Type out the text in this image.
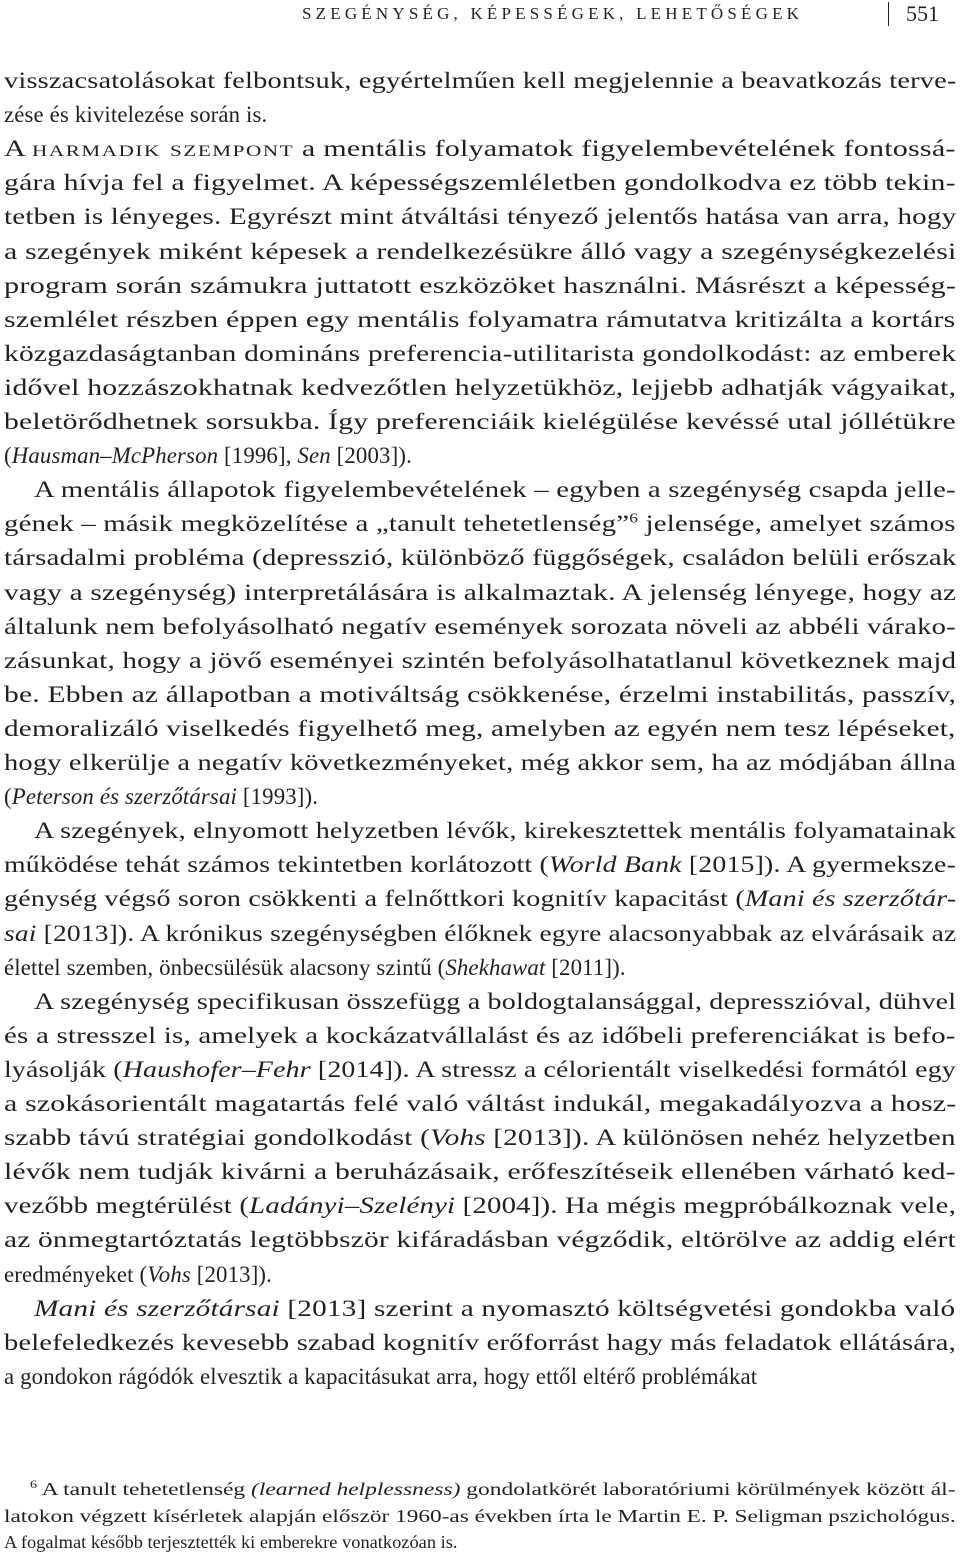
SZEGÉNYSÉG, KÉPESSÉGEK, LEHETŐSÉGEK	551
visszacsatolásokat felbontsuk, egyértelműen kell megjelennie a beavatkozás terve-
zése és kivitelezése során is.
A harmadik szempont a mentális folyamatok figyelembevételének fontossá-
gára hívja fel a figyelmet. A képességszemléletben gondolkodva ez több tekin-
tetben is lényeges. Egyrészt mint átváltási tényező jelentős hatása van arra, hogy
a szegények miként képesek a rendelkezésükre álló vagy a szegénységkezelési
program során számukra juttatott eszközöket használni. Másrészt a képesség-
szemlélet részben éppen egy mentális folyamatra rámutatva kritizálta a kortárs
közgazdaságtanban domináns preferencia-utilitarista gondolkodást: az emberek
idővel hozzászokhatnak kedvezőtlen helyzetükhöz, lejjebb adhatják vágyaikat,
beletörődhetnek sorsukba. Így preferenciáik kielégülése kevéssé utal jóllétükre
(Hausman–McPherson [1996], Sen [2003]).
A mentális állapotok figyelembevételének – egyben a szegénység csapda jelle-
gének – másik megközelítése a „tanult tehetetlenség”$^6$ jelensége, amelyet számos
társadalmi probléma (depresszió, különböző függőségek, családon belüli erőszak
vagy a szegénység) interpretálására is alkalmaztak. A jelenség lényege, hogy az
általunk nem befolyásolható negatív események sorozata növeli az abbéli várako-
zásunkat, hogy a jövő eseményei szintén befolyásolhatatlanul következnek majd
be. Ebben az állapotban a motiváltság csökkenése, érzelmi instabilitás, passzív,
demoralizáló viselkedés figyelhető meg, amelyben az egyén nem tesz lépéseket,
hogy elkerülje a negatív következményeket, még akkor sem, ha az módjában állna
(Peterson és szerzőtársai [1993]).
A szegények, elnyomott helyzetben lévők, kirekesztettek mentális folyamatainak
működése tehát számos tekintetben korlátozott (World Bank [2015]). A gyermeksze-
génység végső soron csökkenti a felnőttkori kognitív kapacitást (Mani és szerzőtár-
sai [2013]). A krónikus szegénységben élőknek egyre alacsonyabbak az elvárásaik az
élettel szemben, önbecsülésük alacsony szintű (Shekhawat [2011]).
A szegénység specifikusan összefügg a boldogtalansággal, depresszióval, dühvel
és a stresszel is, amelyek a kockázatvállalást és az időbeli preferenciákat is befo-
lyásolják (Haushofer–Fehr [2014]). A stressz a célorientált viselkedési formától egy
a szokásorientált magatartás felé való váltást indukál, megakadályozva a hosz-
szabb távú stratégiai gondolkodást (Vohs [2013]). A különösen nehéz helyzetben
lévők nem tudják kivárni a beruházásaik, erőfeszítéseik ellenében várható ked-
vezőbb megtérülést (Ladányi–Szelényi [2004]). Ha mégis megpróbálkoznak vele,
az önmegtartóztatás legtöbbször kifáradásban végződik, eltörölve az addig elért
eredményeket (Vohs [2013]).
Mani és szerzőtársai [2013] szerint a nyomasztó költségvetési gondokba való
belefeledkezés kevesebb szabad kognitív erőforrást hagy más feladatok ellátására,
a gondokon rágódók elvesztik a kapacitásukat arra, hogy ettől eltérő problémákat
$^6$ A tanult tehetetlenség (learned helplessness) gondolatkörét laboratóriumi körülmények között ál-
latokon végzett kísérletek alapján először 1960-as években írta le Martin E. P. Seligman pszichológus.
A fogalmat később terjesztették ki emberekre vonatkozóan is.
